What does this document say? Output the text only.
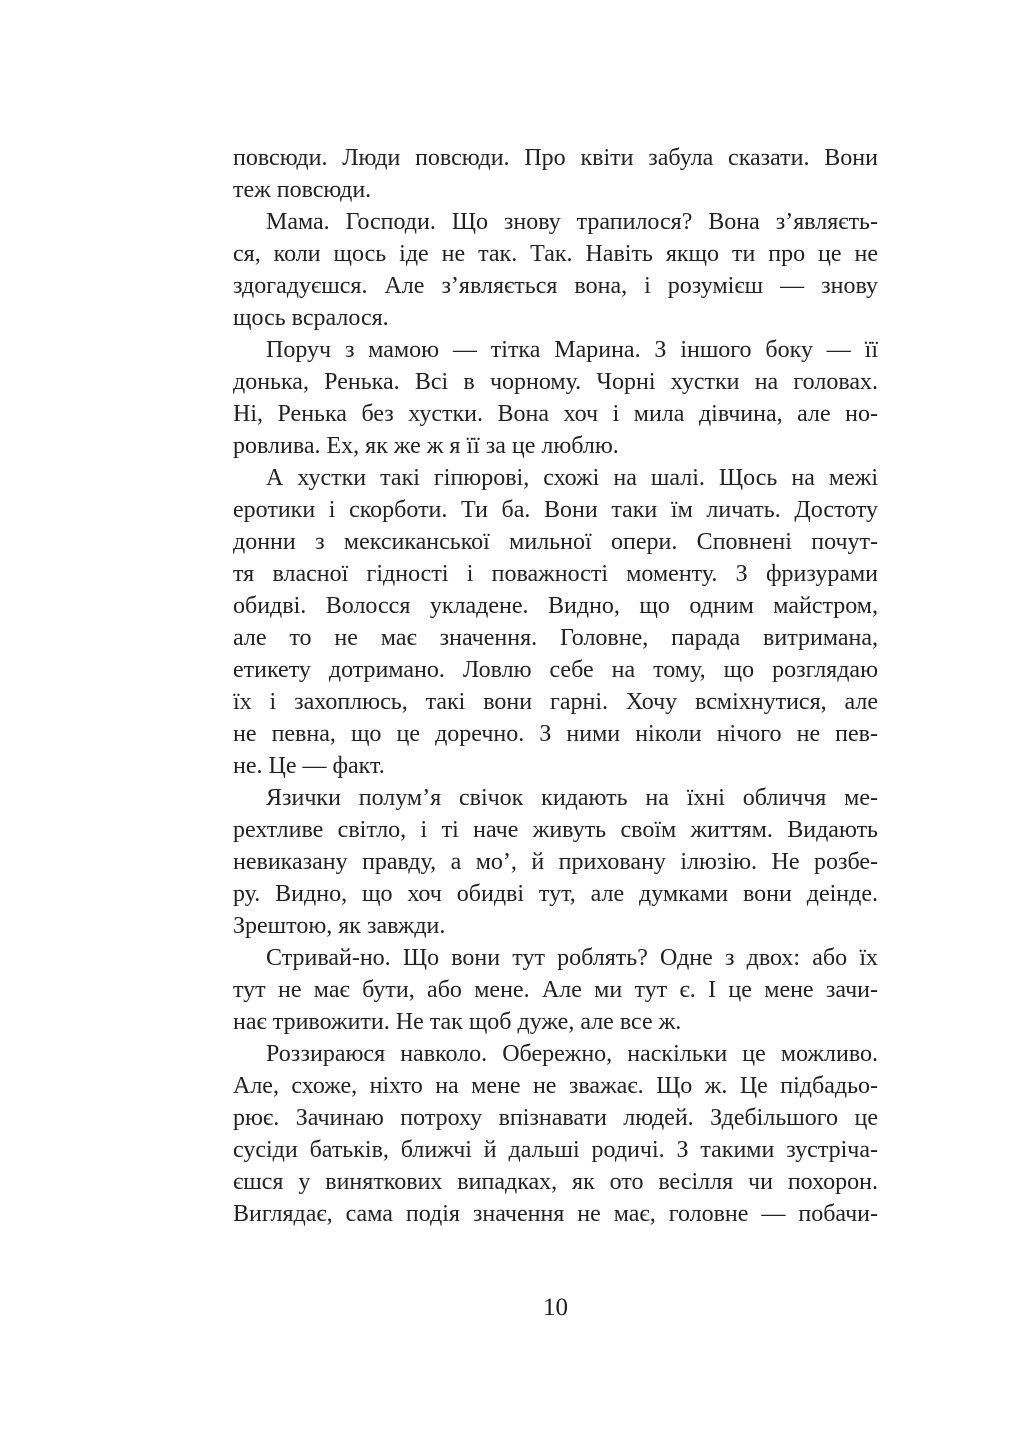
повсюди. Люди повсюди. Про квіти забула сказати. Вони
теж повсюди.

Мама. Господи. Що знову трапилося? Вона з’являєть-
ся, коли щось іде не так. Так. Навіть якщо ти про це не
здогадуєшся. Але з’являється вона, і розумієш — знову
щось всралося.

Поруч з мамою — тітка Марина. З іншого боку — її
донька, Ренька. Всі в чорному. Чорні хустки на головах.
Ні, Ренька без хустки. Вона хоч і мила дівчина, але но-
ровлива. Ех, як же ж я її за це люблю.

А хустки такі гіпюрові, схожі на шалі. Щось на межі
еротики і скорботи. Ти ба. Вони таки їм личать. Достоту
донни з мексиканської мильної опери. Сповнені почут-
тя власної гідності і поважності моменту. З фризурами
обидві. Волосся укладене. Видно, що одним майстром,
але то не має значення. Головне, парада витримана,
етикету дотримано. Ловлю себе на тому, що розглядаю
їх і захоплюсь, такі вони гарні. Хочу всміхнутися, але
не певна, що це доречно. З ними ніколи нічого не пев-
не. Це — факт.

Язички полум’я свічок кидають на їхні обличчя ме-
рехтливе світло, і ті наче живуть своїм життям. Видають
невиказану правду, а мо’, й приховану ілюзію. Не розбе-
ру. Видно, що хоч обидві тут, але думками вони деінде.
Зрештою, як завжди.

Стривай-но. Що вони тут роблять? Одне з двох: або їх
тут не має бути, або мене. Але ми тут є. І це мене зачи-
нає тривожити. Не так щоб дуже, але все ж.

Роззираюся навколо. Обережно, наскільки це можливо.
Але, схоже, ніхто на мене не зважає. Що ж. Це підбадьо-
рює. Зачинаю потроху впізнавати людей. Здебільшого це
сусіди батьків, ближчі й дальші родичі. З такими зустріча-
єшся у виняткових випадках, як ото весілля чи похорон.
Виглядає, сама подія значення не має, головне — побачи-

10
